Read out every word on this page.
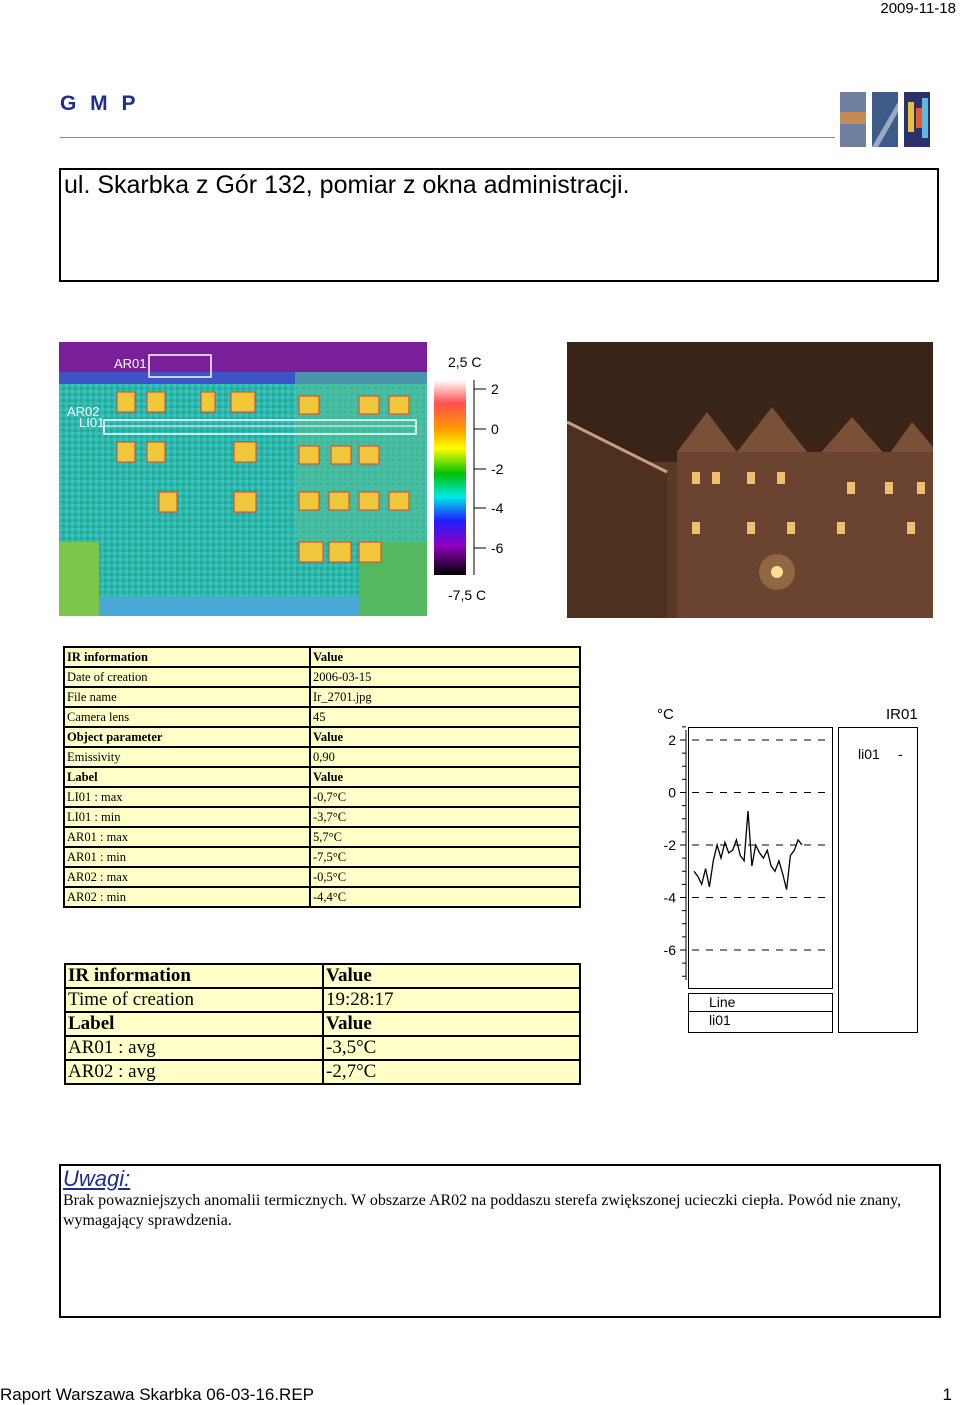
2009-11-18
G M P
ul. Skarbka z Gór 132, pomiar z okna administracji.
AR01
AR02
LI01
2,5 C
2
0
-2
-4
-6
-7,5 C
IR information	Value
Date of creation	2006-03-15
File name	Ir_2701.jpg
Camera lens	45
Object parameter	Value
Emissivity	0,90
Label	Value
LI01 : max	-0,7°C
LI01 : min	-3,7°C
AR01 : max	5,7°C
AR01 : min	-7,5°C
AR02 : max	-0,5°C
AR02 : min	-4,4°C
°C	IR01
2
0
-2
-4
-6
Line
li01
li01 -
IR information	Value
Time of creation	19:28:17
Label	Value
AR01 : avg	-3,5°C
AR02 : avg	-2,7°C
Uwagi:
Brak powazniejszych anomalii termicznych. W obszarze AR02 na poddaszu sterefa zwiększonej ucieczki ciepła. Powód nie znany, wymagający sprawdzenia.
Raport Warszawa Skarbka 06-03-16.REP	1
